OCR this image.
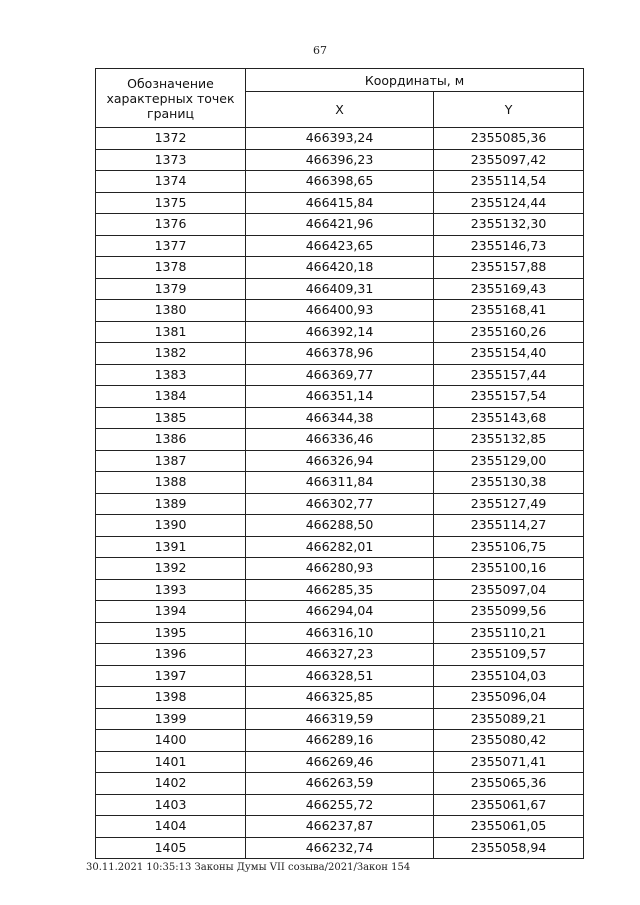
67
Обозначение характерных точек границ	Координаты, м	
	X	Y
1372	466393,24	2355085,36
1373	466396,23	2355097,42
1374	466398,65	2355114,54
1375	466415,84	2355124,44
1376	466421,96	2355132,30
1377	466423,65	2355146,73
1378	466420,18	2355157,88
1379	466409,31	2355169,43
1380	466400,93	2355168,41
1381	466392,14	2355160,26
1382	466378,96	2355154,40
1383	466369,77	2355157,44
1384	466351,14	2355157,54
1385	466344,38	2355143,68
1386	466336,46	2355132,85
1387	466326,94	2355129,00
1388	466311,84	2355130,38
1389	466302,77	2355127,49
1390	466288,50	2355114,27
1391	466282,01	2355106,75
1392	466280,93	2355100,16
1393	466285,35	2355097,04
1394	466294,04	2355099,56
1395	466316,10	2355110,21
1396	466327,23	2355109,57
1397	466328,51	2355104,03
1398	466325,85	2355096,04
1399	466319,59	2355089,21
1400	466289,16	2355080,42
1401	466269,46	2355071,41
1402	466263,59	2355065,36
1403	466255,72	2355061,67
1404	466237,87	2355061,05
1405	466232,74	2355058,94
30.11.2021 10:35:13 Законы Думы VII созыва/2021/Закон 154
